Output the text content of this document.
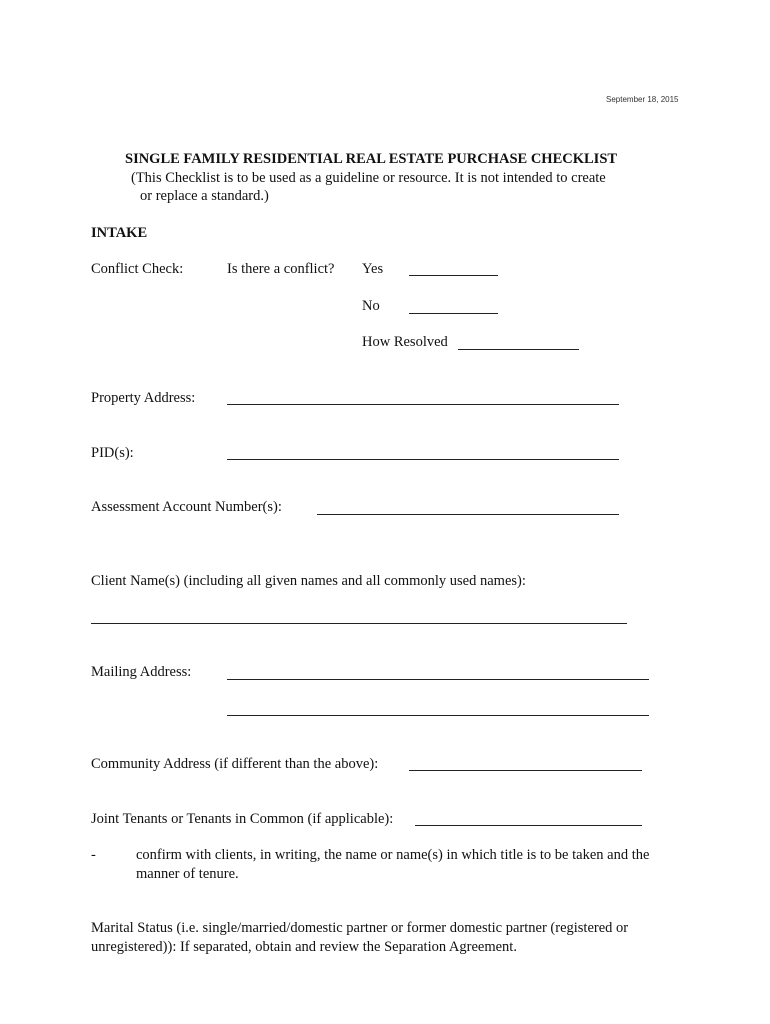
September 18, 2015
SINGLE FAMILY RESIDENTIAL REAL ESTATE PURCHASE CHECKLIST
(This Checklist is to be used as a guideline or resource. It is not intended to create
or replace a standard.)
INTAKE
Conflict Check:	Is there a conflict? Yes
No
How Resolved
Property Address:
PID(s):
Assessment Account Number(s):
Client Name(s) (including all given names and all commonly used names):
Mailing Address:
Community Address (if different than the above):
Joint Tenants or Tenants in Common (if applicable):
-	confirm with clients, in writing, the name or name(s) in which title is to be taken and the
manner of tenure.
Marital Status (i.e. single/married/domestic partner or former domestic partner (registered or
unregistered)): If separated, obtain and review the Separation Agreement.
